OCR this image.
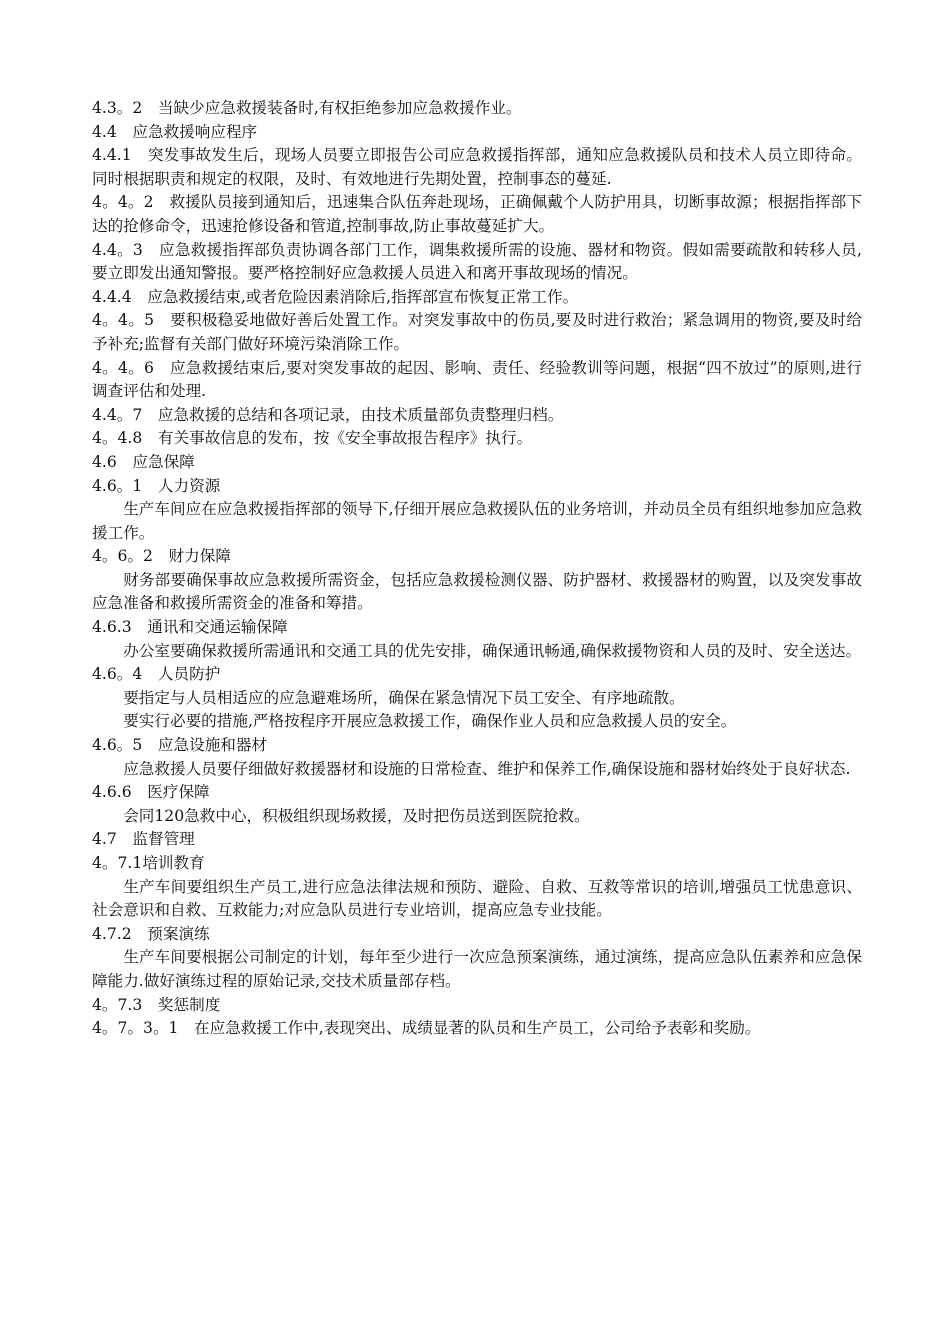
4.3。2　当缺少应急救援装备时,有权拒绝参加应急救援作业。

4.4　应急救援响应程序

4.4.1　突发事故发生后，现场人员要立即报告公司应急救援指挥部，通知应急救援队员和技术人员立即待命。同时根据职责和规定的权限，及时、有效地进行先期处置，控制事态的蔓延.

4。4。2　救援队员接到通知后，迅速集合队伍奔赴现场，正确佩戴个人防护用具，切断事故源；根据指挥部下达的抢修命令，迅速抢修设备和管道,控制事故,防止事故蔓延扩大。

4.4。3　应急救援指挥部负责协调各部门工作，调集救援所需的设施、器材和物资。假如需要疏散和转移人员,要立即发出通知警报。要严格控制好应急救援人员进入和离开事故现场的情况。

4.4.4　应急救援结束,或者危险因素消除后,指挥部宣布恢复正常工作。

4。4。5　要积极稳妥地做好善后处置工作。对突发事故中的伤员,要及时进行救治；紧急调用的物资,要及时给予补充;监督有关部门做好环境污染消除工作。

4。4。6　应急救援结束后,要对突发事故的起因、影响、责任、经验教训等问题，根据“四不放过”的原则,进行调查评估和处理.

4.4。7　应急救援的总结和各项记录，由技术质量部负责整理归档。

4。4.8　有关事故信息的发布，按《安全事故报告程序》执行。

4.6　应急保障

4.6。1　人力资源

生产车间应在应急救援指挥部的领导下,仔细开展应急救援队伍的业务培训，并动员全员有组织地参加应急救援工作。

4。6。2　财力保障

财务部要确保事故应急救援所需资金，包括应急救援检测仪器、防护器材、救援器材的购置，以及突发事故应急准备和救援所需资金的准备和筹措。

4.6.3　通讯和交通运输保障

办公室要确保救援所需通讯和交通工具的优先安排，确保通讯畅通,确保救援物资和人员的及时、安全送达。

4.6。4　人员防护

要指定与人员相适应的应急避难场所，确保在紧急情况下员工安全、有序地疏散。

要实行必要的措施,严格按程序开展应急救援工作，确保作业人员和应急救援人员的安全。

4.6。5　应急设施和器材

应急救援人员要仔细做好救援器材和设施的日常检查、维护和保养工作,确保设施和器材始终处于良好状态.

4.6.6　医疗保障

会同120急救中心，积极组织现场救援，及时把伤员送到医院抢救。

4.7　监督管理

4。7.1培训教育

生产车间要组织生产员工,进行应急法律法规和预防、避险、自救、互救等常识的培训,增强员工忧患意识、社会意识和自救、互救能力;对应急队员进行专业培训，提高应急专业技能。

4.7.2　预案演练

生产车间要根据公司制定的计划，每年至少进行一次应急预案演练，通过演练，提高应急队伍素养和应急保障能力.做好演练过程的原始记录,交技术质量部存档。

4。7.3　奖惩制度

4。7。3。1　在应急救援工作中,表现突出、成绩显著的队员和生产员工，公司给予表彰和奖励。
